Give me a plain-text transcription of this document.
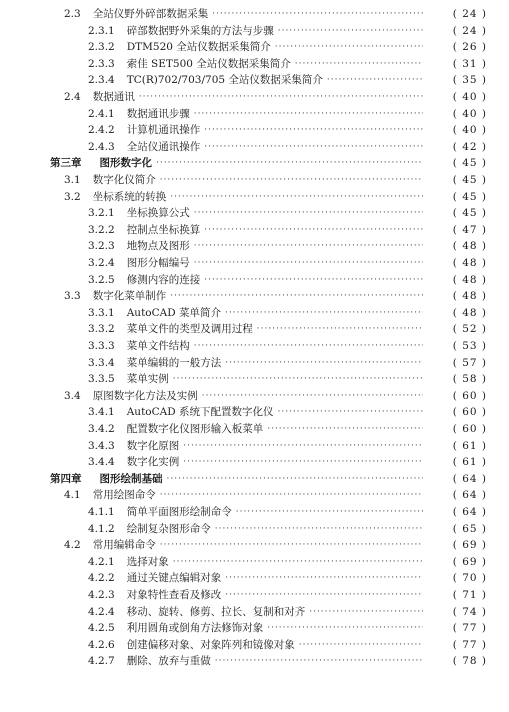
2.3 全站仪野外碎部数据采集 ·····	( 24 )
2.3.1 碎部数据野外采集的方法与步骤 ·····	( 24 )
2.3.2 DTM520 全站仪数据采集简介 ·····	( 26 )
2.3.3 索佳 SET500 全站仪数据采集简介 ·····	( 31 )
2.3.4 TC(R)702/703/705 全站仪数据采集简介 ·····	( 35 )
2.4 数据通讯 ·····	( 40 )
2.4.1 数据通讯步骤 ·····	( 40 )
2.4.2 计算机通讯操作 ·····	( 40 )
2.4.3 全站仪通讯操作 ·····	( 42 )
第三章 图形数字化 ·····	( 45 )
3.1 数字化仪简介 ·····	( 45 )
3.2 坐标系统的转换 ·····	( 45 )
3.2.1 坐标换算公式 ·····	( 45 )
3.2.2 控制点坐标换算 ·····	( 47 )
3.2.3 地物点及图形 ·····	( 48 )
3.2.4 图形分幅编号 ·····	( 48 )
3.2.5 修测内容的连接 ·····	( 48 )
3.3 数字化菜单制作 ·····	( 48 )
3.3.1 AutoCAD 菜单简介 ·····	( 48 )
3.3.2 菜单文件的类型及调用过程 ·····	( 52 )
3.3.3 菜单文件结构 ·····	( 53 )
3.3.4 菜单编辑的一般方法 ·····	( 57 )
3.3.5 菜单实例 ·····	( 58 )
3.4 原图数字化方法及实例 ·····	( 60 )
3.4.1 AutoCAD 系统下配置数字化仪 ·····	( 60 )
3.4.2 配置数字化仪图形输入板菜单 ·····	( 60 )
3.4.3 数字化原图 ·····	( 61 )
3.4.4 数字化实例 ·····	( 61 )
第四章 图形绘制基础 ·····	( 64 )
4.1 常用绘图命令 ·····	( 64 )
4.1.1 简单平面图形绘制命令 ·····	( 64 )
4.1.2 绘制复杂图形命令 ·····	( 65 )
4.2 常用编辑命令 ·····	( 69 )
4.2.1 选择对象 ·····	( 69 )
4.2.2 通过关键点编辑对象 ·····	( 70 )
4.2.3 对象特性查看及修改 ·····	( 71 )
4.2.4 移动、旋转、修剪、拉长、复制和对齐 ·····	( 74 )
4.2.5 利用圆角或倒角方法修饰对象 ·····	( 77 )
4.2.6 创建偏移对象、对象阵列和镜像对象 ·····	( 77 )
4.2.7 删除、放弃与重做 ·····	( 78 )
